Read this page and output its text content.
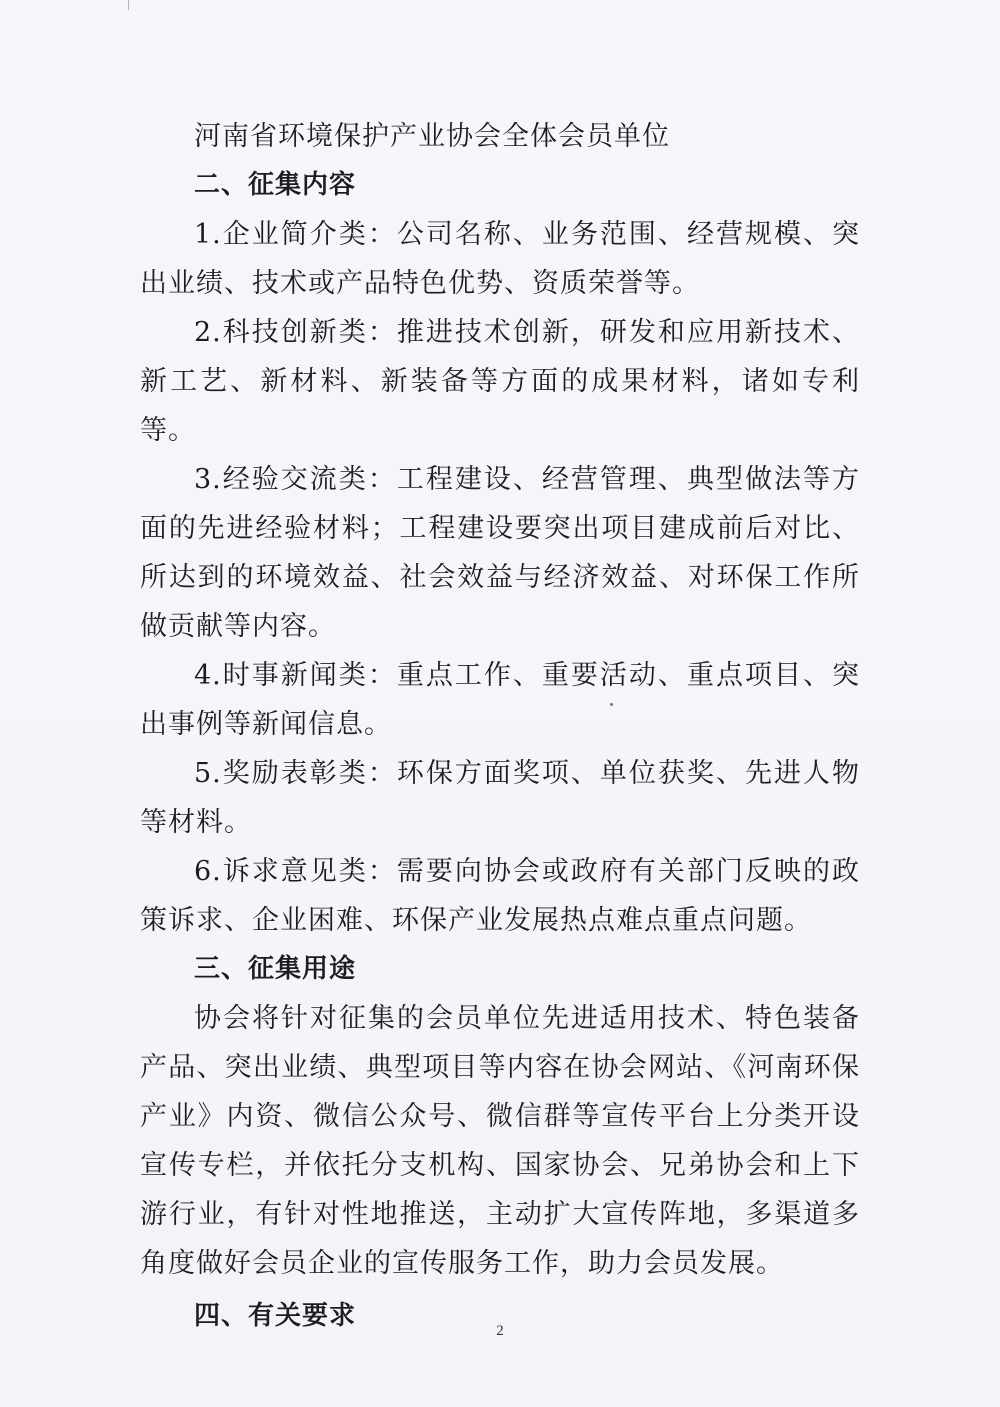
河南省环境保护产业协会全体会员单位

二、征集内容

1.企业简介类：公司名称、业务范围、经营规模、突出业绩、技术或产品特色优势、资质荣誉等。

2.科技创新类：推进技术创新，研发和应用新技术、新工艺、新材料、新装备等方面的成果材料，诸如专利等。

3.经验交流类：工程建设、经营管理、典型做法等方面的先进经验材料；工程建设要突出项目建成前后对比、所达到的环境效益、社会效益与经济效益、对环保工作所做贡献等内容。

4.时事新闻类：重点工作、重要活动、重点项目、突出事例等新闻信息。

5.奖励表彰类：环保方面奖项、单位获奖、先进人物等材料。

6.诉求意见类：需要向协会或政府有关部门反映的政策诉求、企业困难、环保产业发展热点难点重点问题。

三、征集用途

协会将针对征集的会员单位先进适用技术、特色装备产品、突出业绩、典型项目等内容在协会网站、《河南环保产业》内资、微信公众号、微信群等宣传平台上分类开设宣传专栏，并依托分支机构、国家协会、兄弟协会和上下游行业，有针对性地推送，主动扩大宣传阵地，多渠道多角度做好会员企业的宣传服务工作，助力会员发展。

四、有关要求	2
